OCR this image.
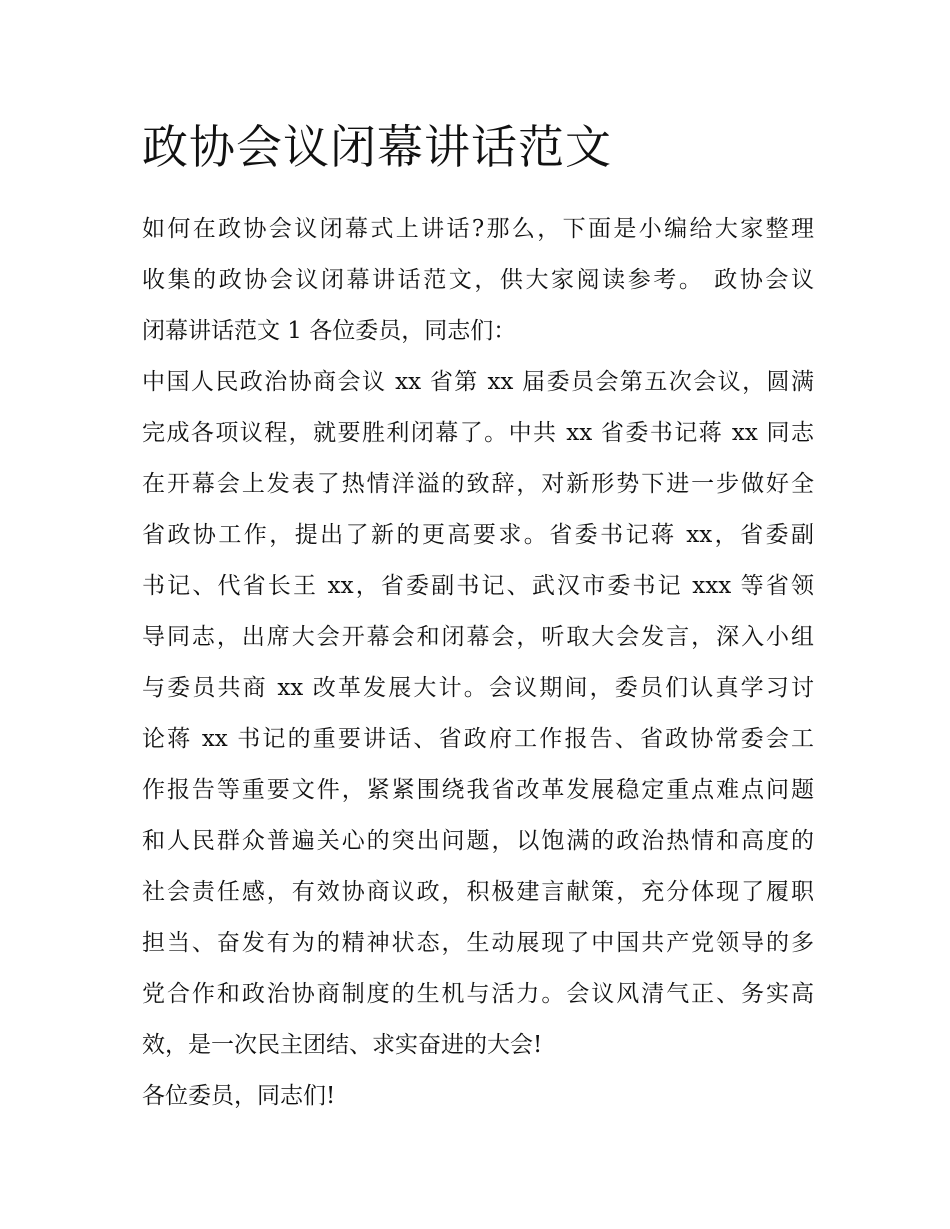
政协会议闭幕讲话范文
如何在政协会议闭幕式上讲话?那么，下面是小编给大家整理
收集的政协会议闭幕讲话范文，供大家阅读参考。 政协会议
闭幕讲话范文 1 各位委员，同志们：
中国人民政治协商会议 xx 省第 xx 届委员会第五次会议，圆满
完成各项议程，就要胜利闭幕了。中共 xx 省委书记蒋 xx 同志
在开幕会上发表了热情洋溢的致辞，对新形势下进一步做好全
省政协工作，提出了新的更高要求。省委书记蒋 xx，省委副
书记、代省长王 xx，省委副书记、武汉市委书记 xxx 等省领
导同志，出席大会开幕会和闭幕会，听取大会发言，深入小组
与委员共商 xx 改革发展大计。会议期间，委员们认真学习讨
论蒋 xx 书记的重要讲话、省政府工作报告、省政协常委会工
作报告等重要文件，紧紧围绕我省改革发展稳定重点难点问题
和人民群众普遍关心的突出问题，以饱满的政治热情和高度的
社会责任感，有效协商议政，积极建言献策，充分体现了履职
担当、奋发有为的精神状态，生动展现了中国共产党领导的多
党合作和政治协商制度的生机与活力。会议风清气正、务实高
效，是一次民主团结、求实奋进的大会!
各位委员，同志们!
